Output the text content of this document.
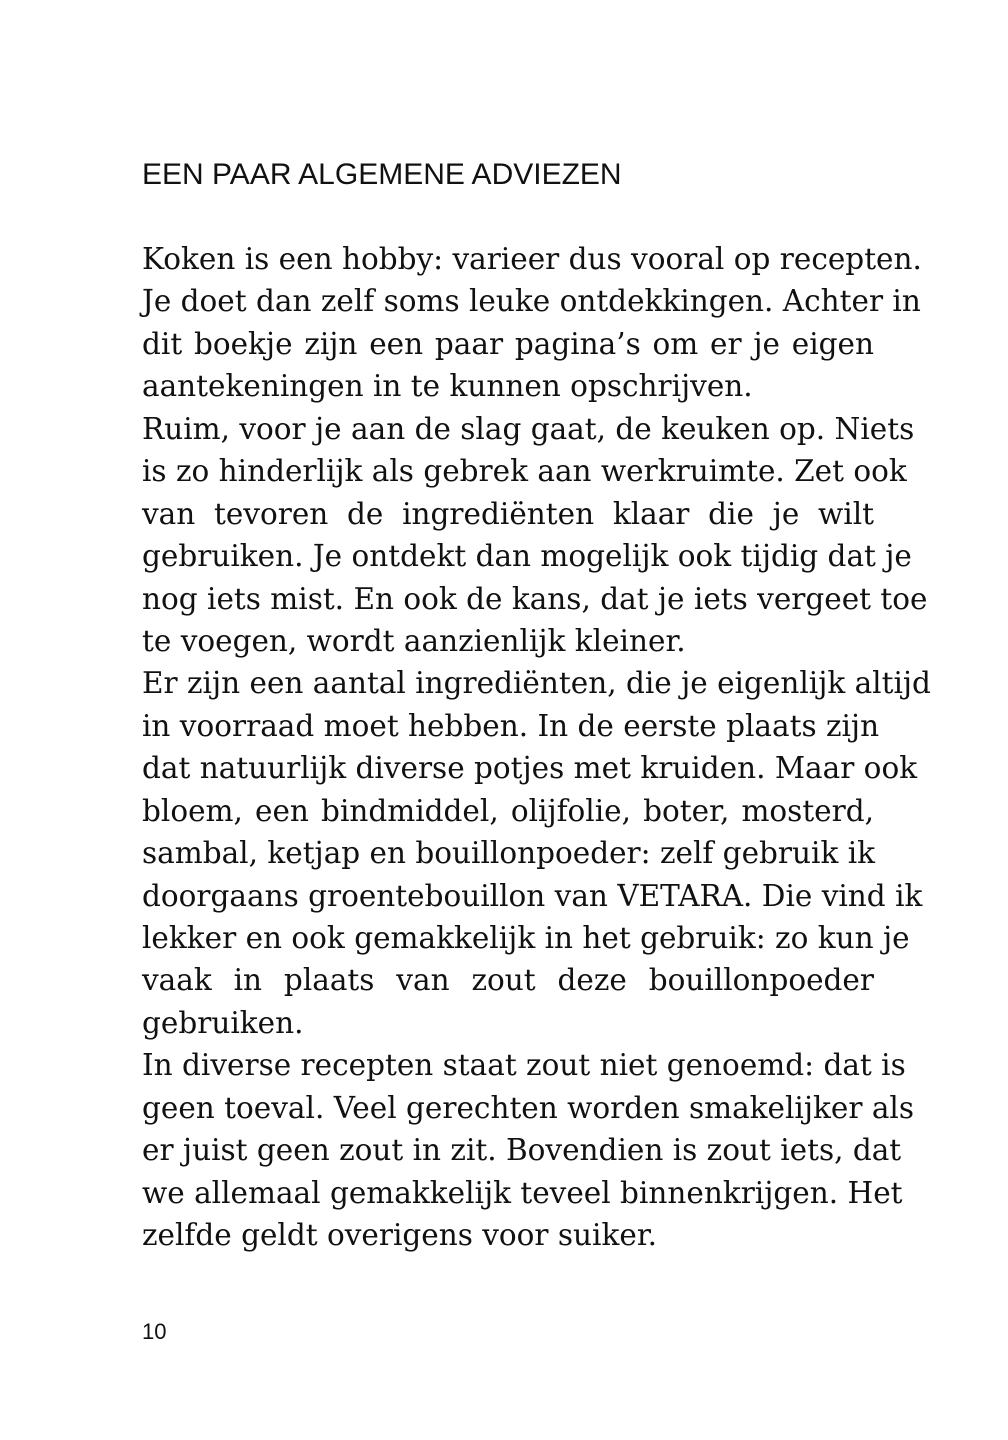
EEN PAAR ALGEMENE ADVIEZEN
Koken is een hobby: varieer dus vooral op recepten.
Je doet dan zelf soms leuke ontdekkingen. Achter in
dit boekje zijn een paar pagina’s om er je eigen
aantekeningen in te kunnen opschrijven.
Ruim, voor je aan de slag gaat, de keuken op. Niets
is zo hinderlijk als gebrek aan werkruimte. Zet ook
van tevoren de ingrediënten klaar die je wilt
gebruiken. Je ontdekt dan mogelijk ook tijdig dat je
nog iets mist. En ook de kans, dat je iets vergeet toe
te voegen, wordt aanzienlijk kleiner.
Er zijn een aantal ingrediënten, die je eigenlijk altijd
in voorraad moet hebben. In de eerste plaats zijn
dat natuurlijk diverse potjes met kruiden. Maar ook
bloem, een bindmiddel, olijfolie, boter, mosterd,
sambal, ketjap en bouillonpoeder: zelf gebruik ik
doorgaans groentebouillon van VETARA. Die vind ik
lekker en ook gemakkelijk in het gebruik: zo kun je
vaak in plaats van zout deze bouillonpoeder
gebruiken.
In diverse recepten staat zout niet genoemd: dat is
geen toeval. Veel gerechten worden smakelijker als
er juist geen zout in zit. Bovendien is zout iets, dat
we allemaal gemakkelijk teveel binnenkrijgen. Het
zelfde geldt overigens voor suiker.
10
